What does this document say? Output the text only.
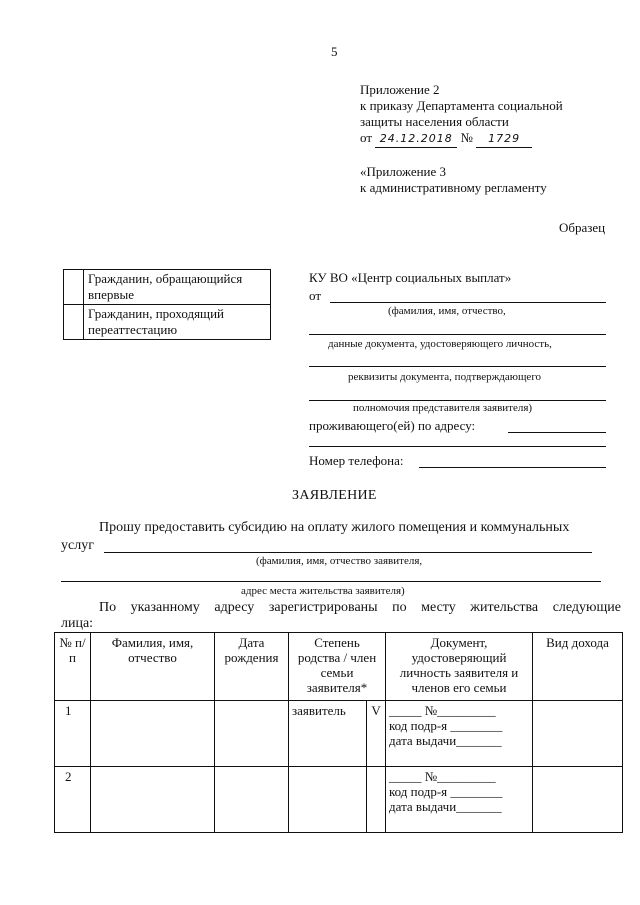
5
Приложение 2
к приказу Департамента социальной
защиты населения области
от 24.12.2018 № 1729
«Приложение 3
к административному регламенту
Образец

	Гражданин, обращающийся
впервые

	Гражданин, проходящий
переаттестацию
КУ ВО «Центр социальных выплат»
от
(фамилия, имя, отчество,
данные документа, удостоверяющего личность,
реквизиты документа, подтверждающего
полномочия представителя заявителя)
проживающего(ей) по адресу:
Номер телефона:
ЗАЯВЛЕНИЕ
Прошу предоставить субсидию на оплату жилого помещения и коммунальных
услуг
(фамилия, имя, отчество заявителя,
адрес места жительства заявителя)
По указанному адресу зарегистрированы по месту жительства следующие
лица:
№ п/п	Фамилия, имя, отчество	Дата рождения	Степень родства / член семьи заявителя*		Документ, удостоверяющий личность заявителя и членов его семьи	Вид дохода
1			заявитель	V	_____ №_________
код подр-я ________
дата выдачи_______	

2					_____ №_________
код подр-я ________
дата выдачи_______	
